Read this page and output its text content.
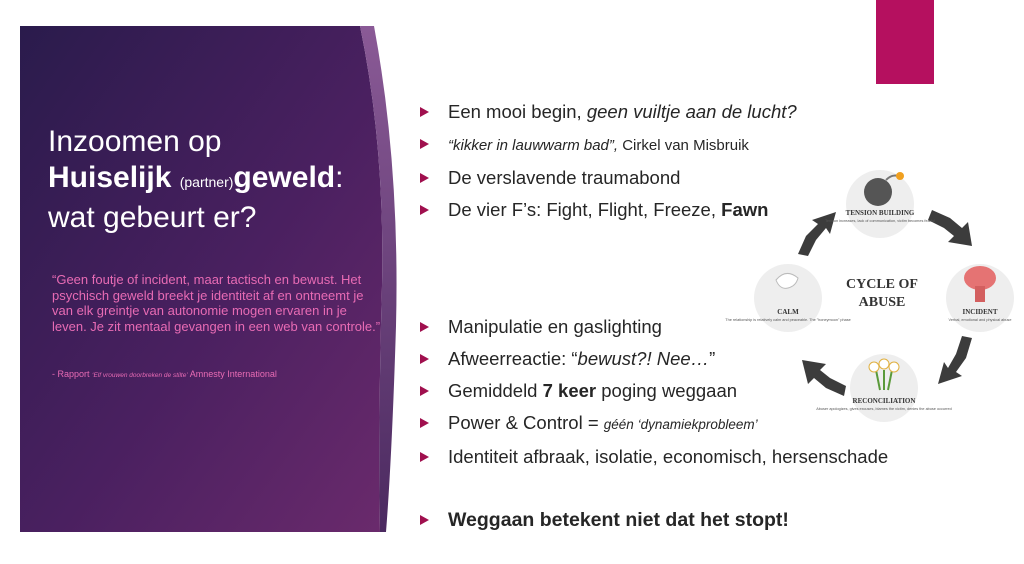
Inzoomen op
Huiselijk (partner)geweld:
wat gebeurt er?
“Geen foutje of incident, maar tactisch en bewust. Het psychisch geweld breekt je identiteit af en ontneemt je van elk greintje van autonomie mogen ervaren in je leven. Je zit mentaal gevangen in een web van controle.”
- Rapport ‘Elf vrouwen doorbreken de stilte’ Amnesty International
Een mooi begin, geen vuiltje aan de lucht?
“kikker in lauwwarm bad”, Cirkel van Misbruik
De verslavende traumabond
De vier F’s: Fight, Flight, Freeze, Fawn
Manipulatie en gaslighting
Afweerreactie: “bewust?! Nee…”
Gemiddeld 7 keer poging weggaan
Power & Control = géén ‘dynamiekprobleem’
Identiteit afbraak, isolatie, economisch, hersenschade
Weggaan betekent niet dat het stopt!
TENSION BUILDING
Tension increases, lack of communication, victim becomes fearful
INCIDENT
Verbal, emotional and physical abuse
RECONCILIATION
Abuser apologizes, gives excuses, blames the victim, denies the abuse occurred
CALM
The relationship is relatively calm and peaceable. The "honeymoon" phase
CYCLE OF
ABUSE
